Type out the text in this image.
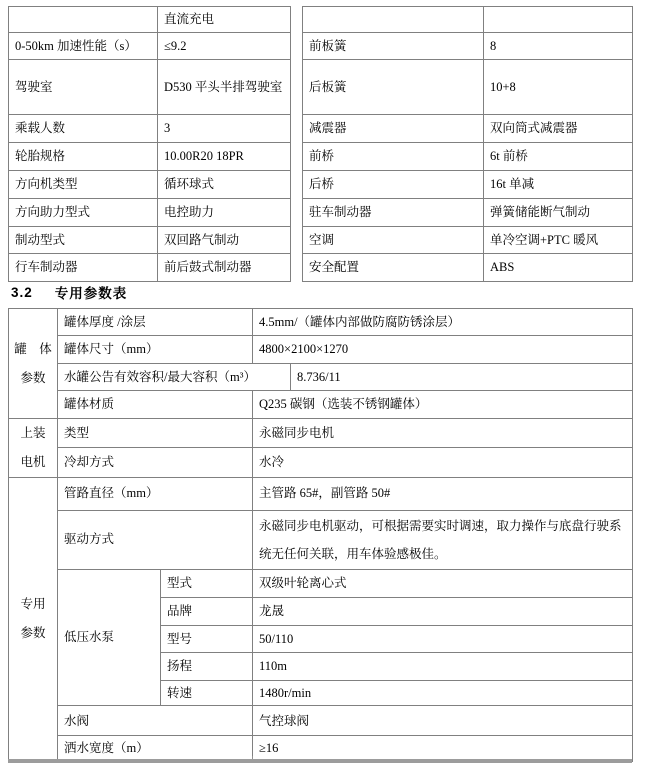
	直流充电			
0-50km 加速性能（s）	≤9.2		前板簧	8
驾驶室	D530 平头半排驾驶室		后板簧	10+8
乘载人数	3		减震器	双向筒式减震器
轮胎规格	10.00R20 18PR		前桥	6t 前桥
方向机类型	循环球式		后桥	16t 单减
方向助力型式	电控助力		驻车制动器	弹簧储能断气制动
制动型式	双回路气制动		空调	单冷空调+PTC 暖风
行车制动器	前后鼓式制动器		安全配置	ABS
3.2 专用参数表
罐　体
参数	罐体厚度 /涂层		4.5mm/（罐体内部做防腐防锈涂层）	
	罐体尺寸（mm）		4800×2100×1270	
	水罐公告有效容积/最大容积（m³）			8.736/11
	罐体材质		Q235 碳钢（选装不锈钢罐体）	
上装
电机	类型		永磁同步电机	
	冷却方式		水冷	
专用
参数	管路直径（mm）		主管路 65#，副管路 50#	
	驱动方式		永磁同步电机驱动，可根据需要实时调速，取力操作与底盘行驶系统无任何关联，用车体验感极佳。	
	低压水泵	型式	双级叶轮离心式	
		品牌	龙晟	
		型号	50/110	
		扬程	110m	
		转速	1480r/min	
	水阀		气控球阀	
	洒水宽度（m）		≥16	
